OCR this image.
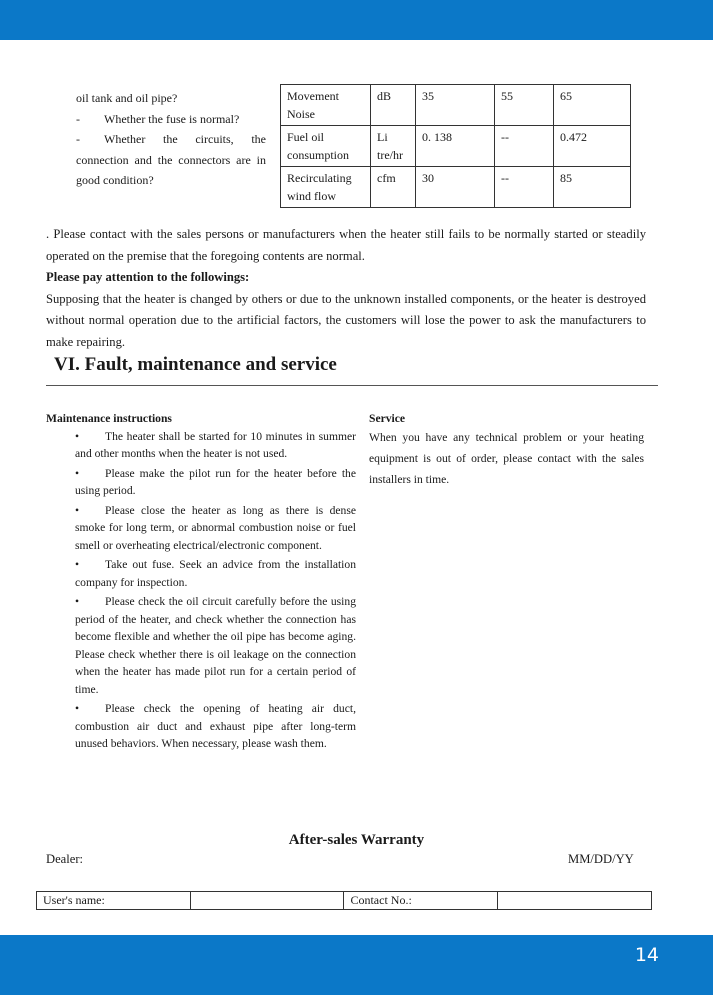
oil tank and oil pipe?

- Whether the fuse is normal?

- Whether the circuits, the connection and the connectors are in good condition?

Movement Noise	dB	35	55	65
Fuel oil consumption	Li tre/hr	0. 138	--	0.472
Recirculating wind flow	cfm	30	--	85

. Please contact with the sales persons or manufacturers when the heater still fails to be normally started or steadily operated on the premise that the foregoing contents are normal.

Please pay attention to the followings:

Supposing that the heater is changed by others or due to the unknown installed components, or the heater is destroyed without normal operation due to the artificial factors, the customers will lose the power to ask the manufacturers to make repairing.

VI. Fault, maintenance and service
Maintenance instructions

• The heater shall be started for 10 minutes in summer and other months when the heater is not used.

• Please make the pilot run for the heater before the using period.

• Please close the heater as long as there is dense smoke for long term, or abnormal combustion noise or fuel smell or overheating electrical/electronic component.

• Take out fuse. Seek an advice from the installation company for inspection.

• Please check the oil circuit carefully before the using period of the heater, and check whether the connection has become flexible and whether the oil pipe has become aging. Please check whether there is oil leakage on the connection when the heater has made pilot run for a certain period of time.

• Please check the opening of heating air duct, combustion air duct and exhaust pipe after long-term unused behaviors. When necessary, please wash them.

Service
When you have any technical problem or your heating equipment is out of order, please contact with the sales installers in time.
After-sales Warranty
Dealer:	MM/DD/YY
User's name:		Contact No.:	
14
